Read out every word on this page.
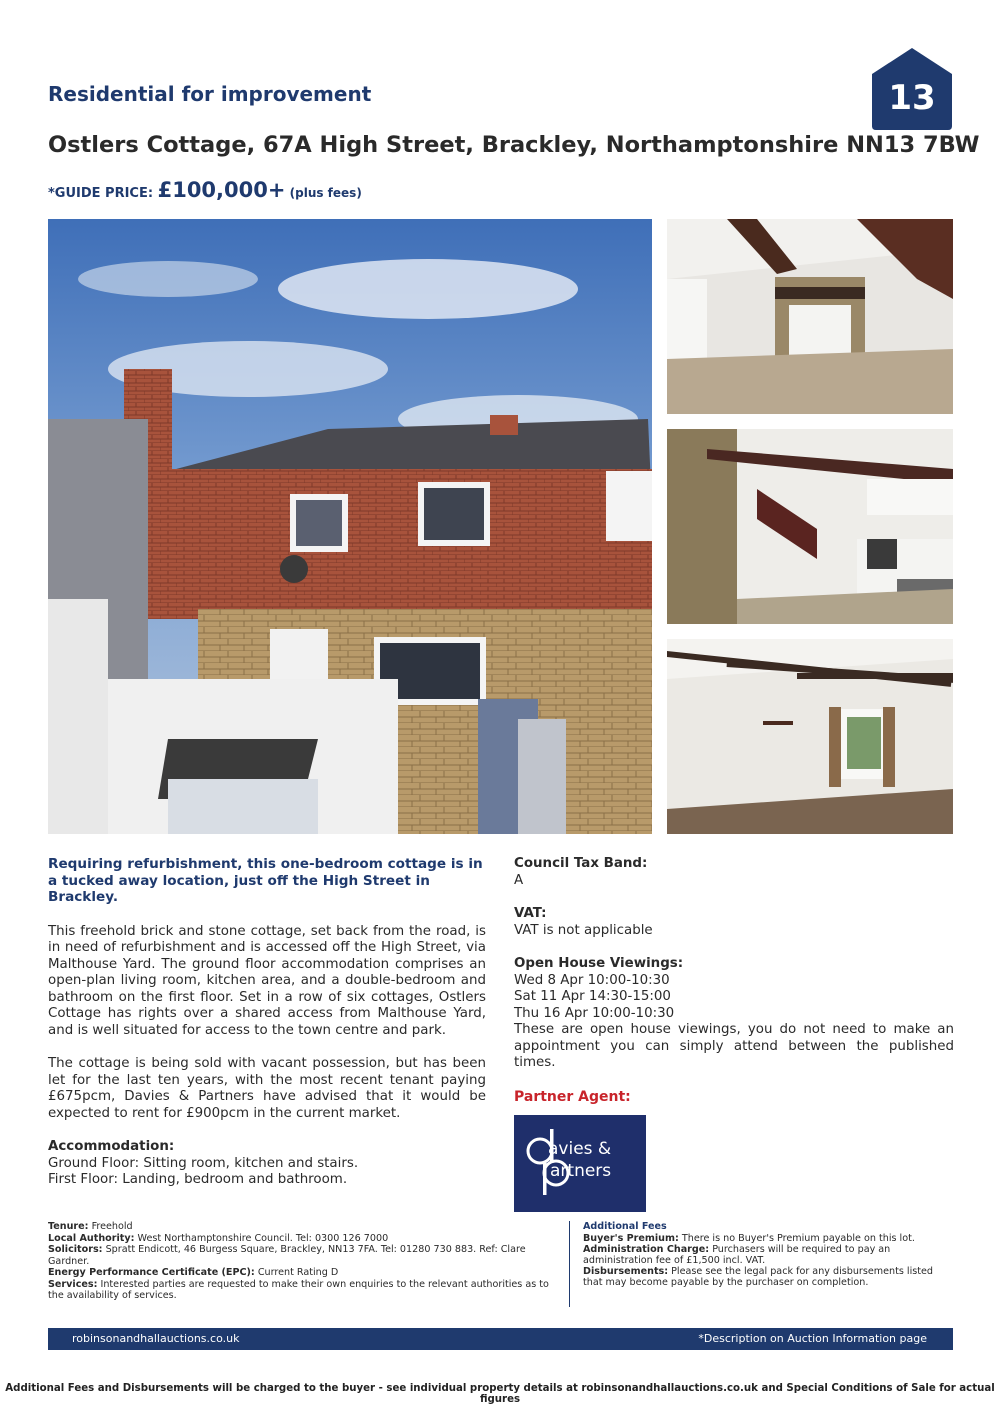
Residential for improvement	13
Ostlers Cottage, 67A High Street, Brackley, Northamptonshire NN13 7BW
*GUIDE PRICE: £100,000+ (plus fees)
Requiring refurbishment, this one-bedroom cottage is in a tucked away location, just off the High Street in Brackley.

This freehold brick and stone cottage, set back from the road, is in need of refurbishment and is accessed off the High Street, via Malthouse Yard. The ground floor accommodation comprises an open-plan living room, kitchen area, and a double-bedroom and bathroom on the first floor. Set in a row of six cottages, Ostlers Cottage has rights over a shared access from Malthouse Yard, and is well situated for access to the town centre and park.

The cottage is being sold with vacant possession, but has been let for the last ten years, with the most recent tenant paying £675pcm, Davies & Partners have advised that it would be expected to rent for £900pcm in the current market.

Accommodation:
Ground Floor: Sitting room, kitchen and stairs.
First Floor: Landing, bedroom and bathroom.
Council Tax Band:
A
VAT:
VAT is not applicable
Open House Viewings:
Wed 8 Apr 10:00-10:30
Sat 11 Apr 14:30-15:00
Thu 16 Apr 10:00-10:30
These are open house viewings, you do not need to make an appointment you can simply attend between the published times.
Partner Agent:
avies &
artners
Tenure: Freehold
Local Authority: West Northamptonshire Council. Tel: 0300 126 7000
Solicitors: Spratt Endicott, 46 Burgess Square, Brackley, NN13 7FA. Tel: 01280 730 883. Ref: Clare Gardner.
Energy Performance Certificate (EPC): Current Rating D
Services: Interested parties are requested to make their own enquiries to the relevant authorities as to the availability of services.
Additional Fees
Buyer's Premium: There is no Buyer's Premium payable on this lot.
Administration Charge: Purchasers will be required to pay an administration fee of £1,500 incl. VAT.
Disbursements: Please see the legal pack for any disbursements listed that may become payable by the purchaser on completion.
robinsonandhallauctions.co.uk	*Description on Auction Information page
Additional Fees and Disbursements will be charged to the buyer - see individual property details at robinsonandhallauctions.co.uk and Special Conditions of Sale for actual figures
